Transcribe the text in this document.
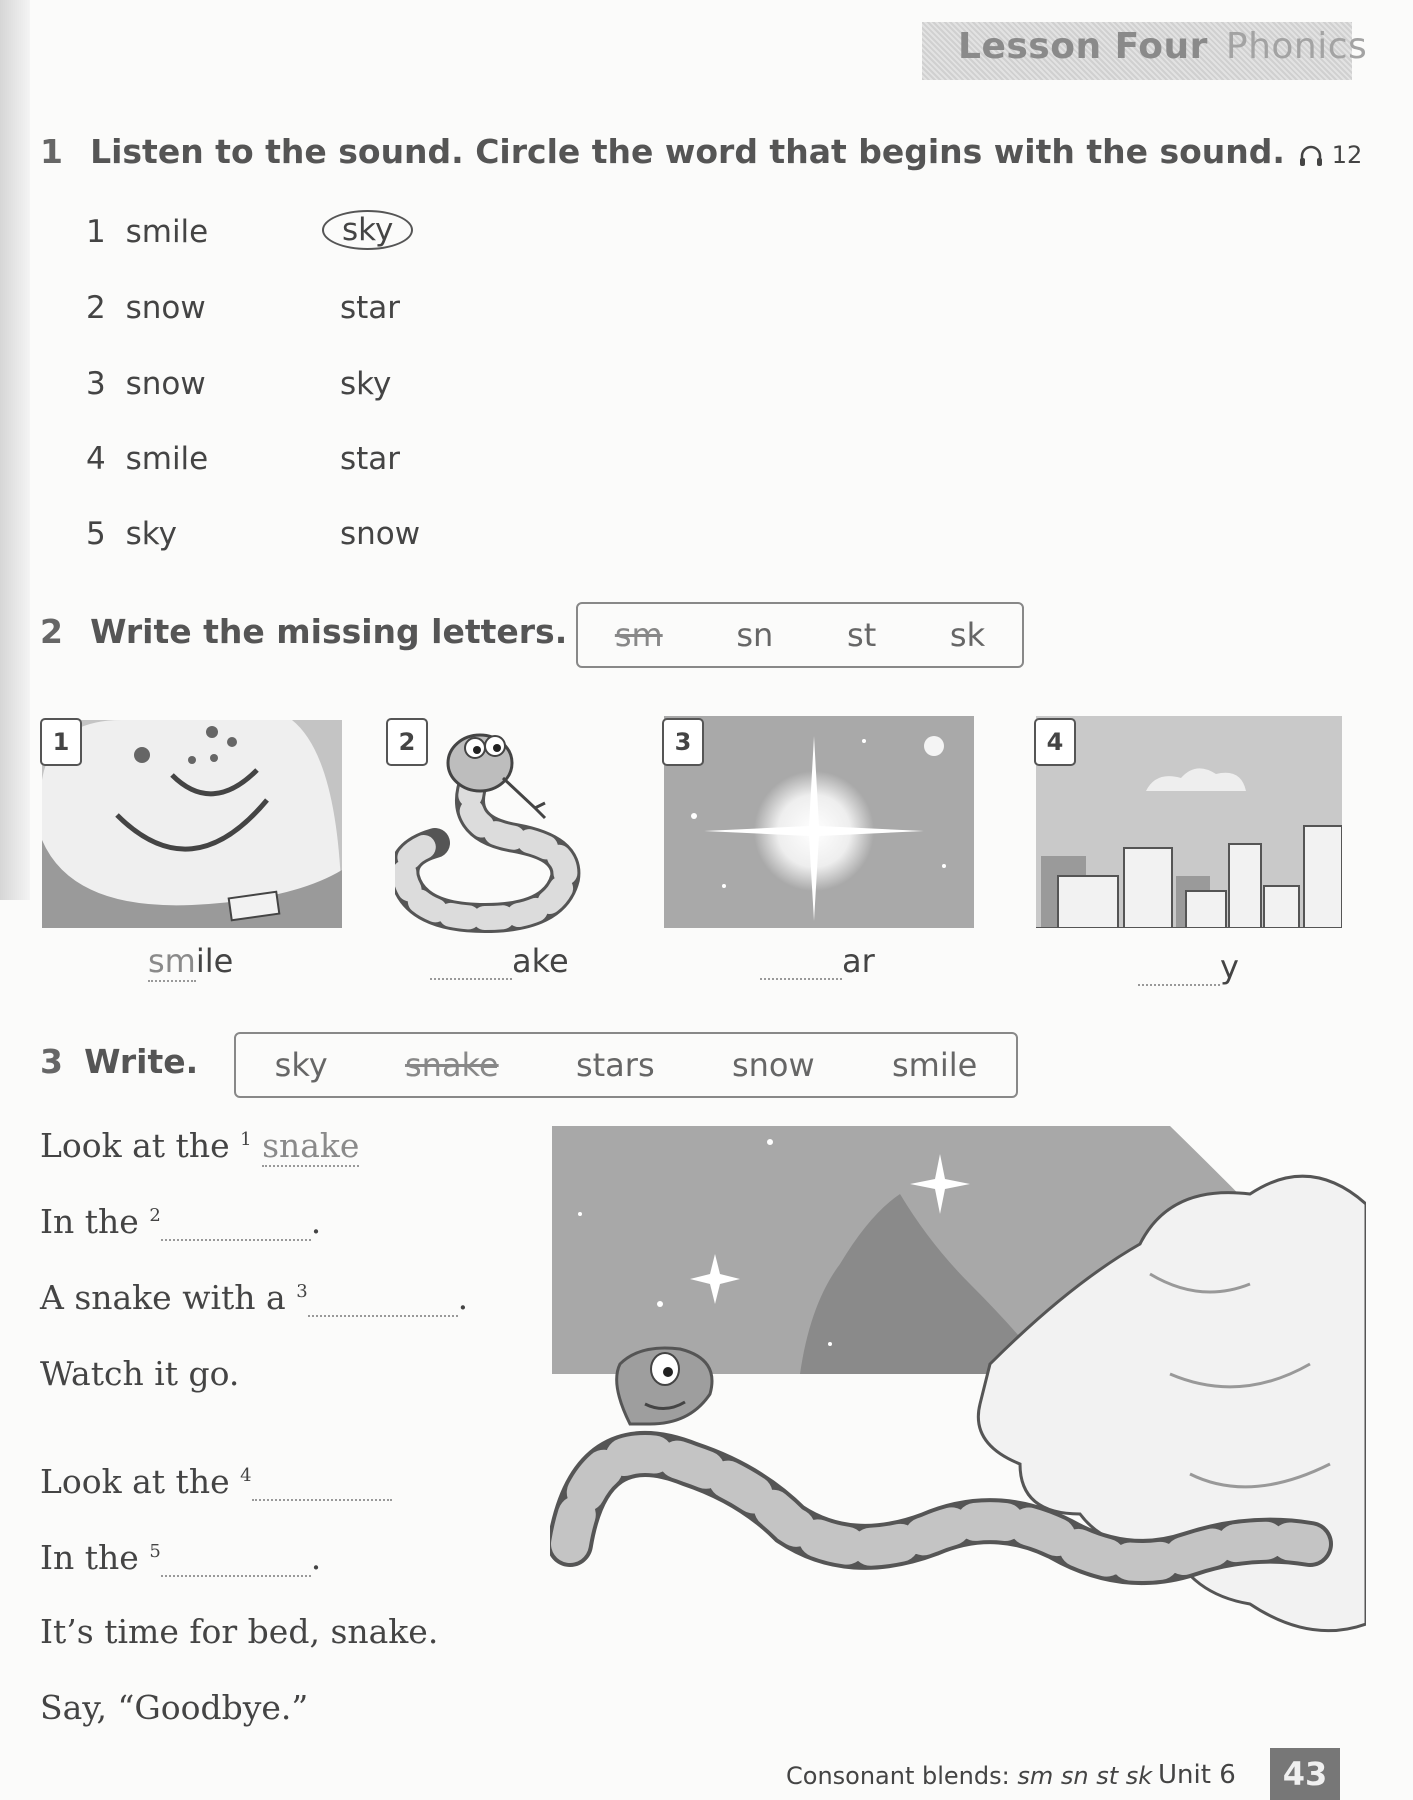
Lesson Four Phonics
1 Listen to the sound. Circle the word that begins with the sound. 12
1 smile	sky
2 snow	star
3 snow	sky
4 smile	star
5 sky	snow
2 Write the missing letters. sm sn st sk
1	2	3	4
smile	ake	ar	y
3 Write. sky snake stars snow smile
Look at the $^1$ snake
In the $^2$	.
A snake with a $^3$	.
Watch it go.
Look at the $^4$
In the $^5$	.
It’s time for bed, snake.
Say, “Goodbye.”
Consonant blends: sm sn st sk Unit 6	43
